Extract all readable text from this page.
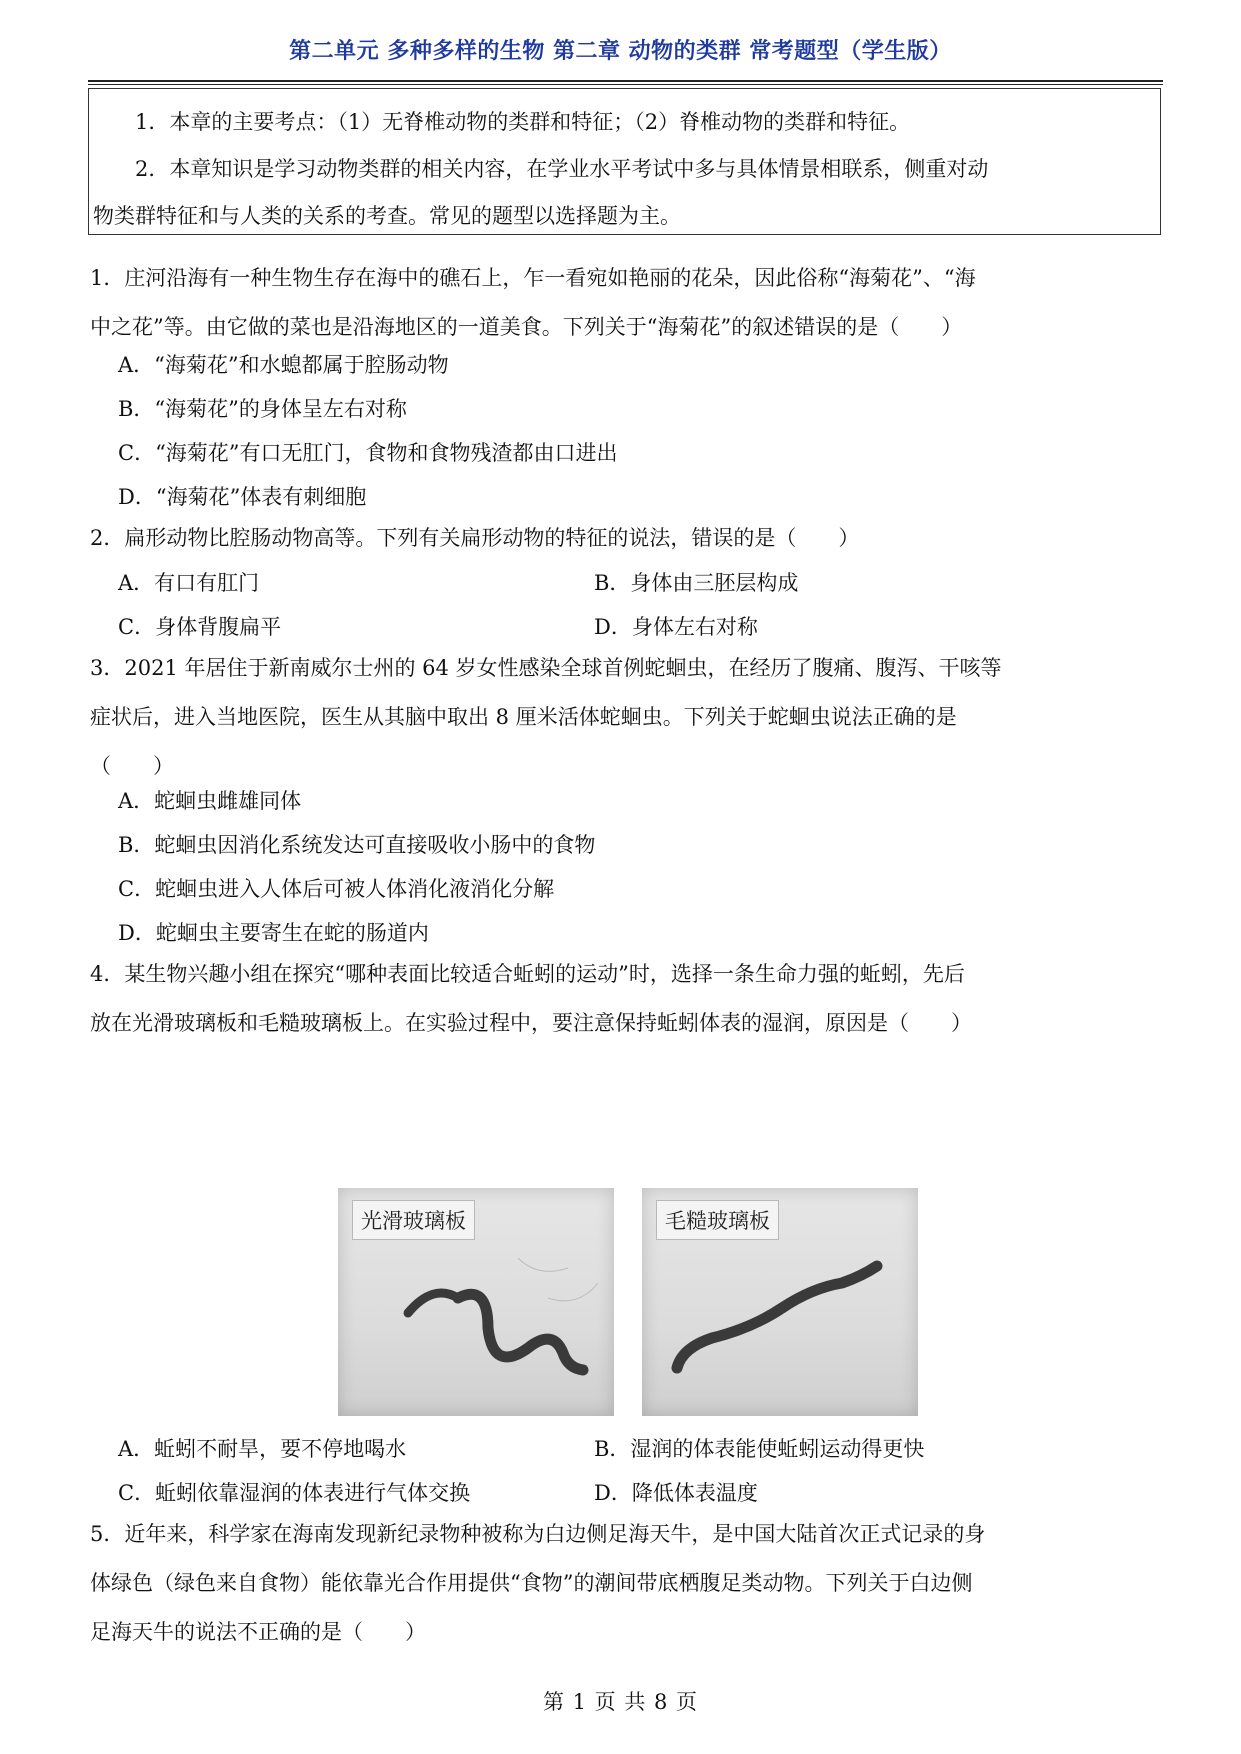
第二单元 多种多样的生物 第二章 动物的类群 常考题型（学生版）
1．本章的主要考点：（1）无脊椎动物的类群和特征；（2）脊椎动物的类群和特征。
2．本章知识是学习动物类群的相关内容，在学业水平考试中多与具体情景相联系，侧重对动
物类群特征和与人类的关系的考查。常见的题型以选择题为主。
1．庄河沿海有一种生物生存在海中的礁石上，乍一看宛如艳丽的花朵，因此俗称“海菊花”、“海
中之花”等。由它做的菜也是沿海地区的一道美食。下列关于“海菊花”的叙述错误的是（　　）
A．“海菊花”和水螅都属于腔肠动物
B．“海菊花”的身体呈左右对称
C．“海菊花”有口无肛门，食物和食物残渣都由口进出
D．“海菊花”体表有刺细胞
2．扁形动物比腔肠动物高等。下列有关扁形动物的特征的说法，错误的是（　　）
A．有口有肛门	B．身体由三胚层构成
C．身体背腹扁平	D．身体左右对称
3．2021 年居住于新南威尔士州的 64 岁女性感染全球首例蛇蛔虫，在经历了腹痛、腹泻、干咳等
症状后，进入当地医院，医生从其脑中取出 8 厘米活体蛇蛔虫。下列关于蛇蛔虫说法正确的是
（　　）
A．蛇蛔虫雌雄同体
B．蛇蛔虫因消化系统发达可直接吸收小肠中的食物
C．蛇蛔虫进入人体后可被人体消化液消化分解
D．蛇蛔虫主要寄生在蛇的肠道内
4．某生物兴趣小组在探究“哪种表面比较适合蚯蚓的运动”时，选择一条生命力强的蚯蚓，先后
放在光滑玻璃板和毛糙玻璃板上。在实验过程中，要注意保持蚯蚓体表的湿润，原因是（　　）
光滑玻璃板	毛糙玻璃板
A．蚯蚓不耐旱，要不停地喝水	B．湿润的体表能使蚯蚓运动得更快
C．蚯蚓依靠湿润的体表进行气体交换	D．降低体表温度
5．近年来，科学家在海南发现新纪录物种被称为白边侧足海天牛，是中国大陆首次正式记录的身
体绿色（绿色来自食物）能依靠光合作用提供“食物”的潮间带底栖腹足类动物。下列关于白边侧
足海天牛的说法不正确的是（　　）
第 1 页 共 8 页
